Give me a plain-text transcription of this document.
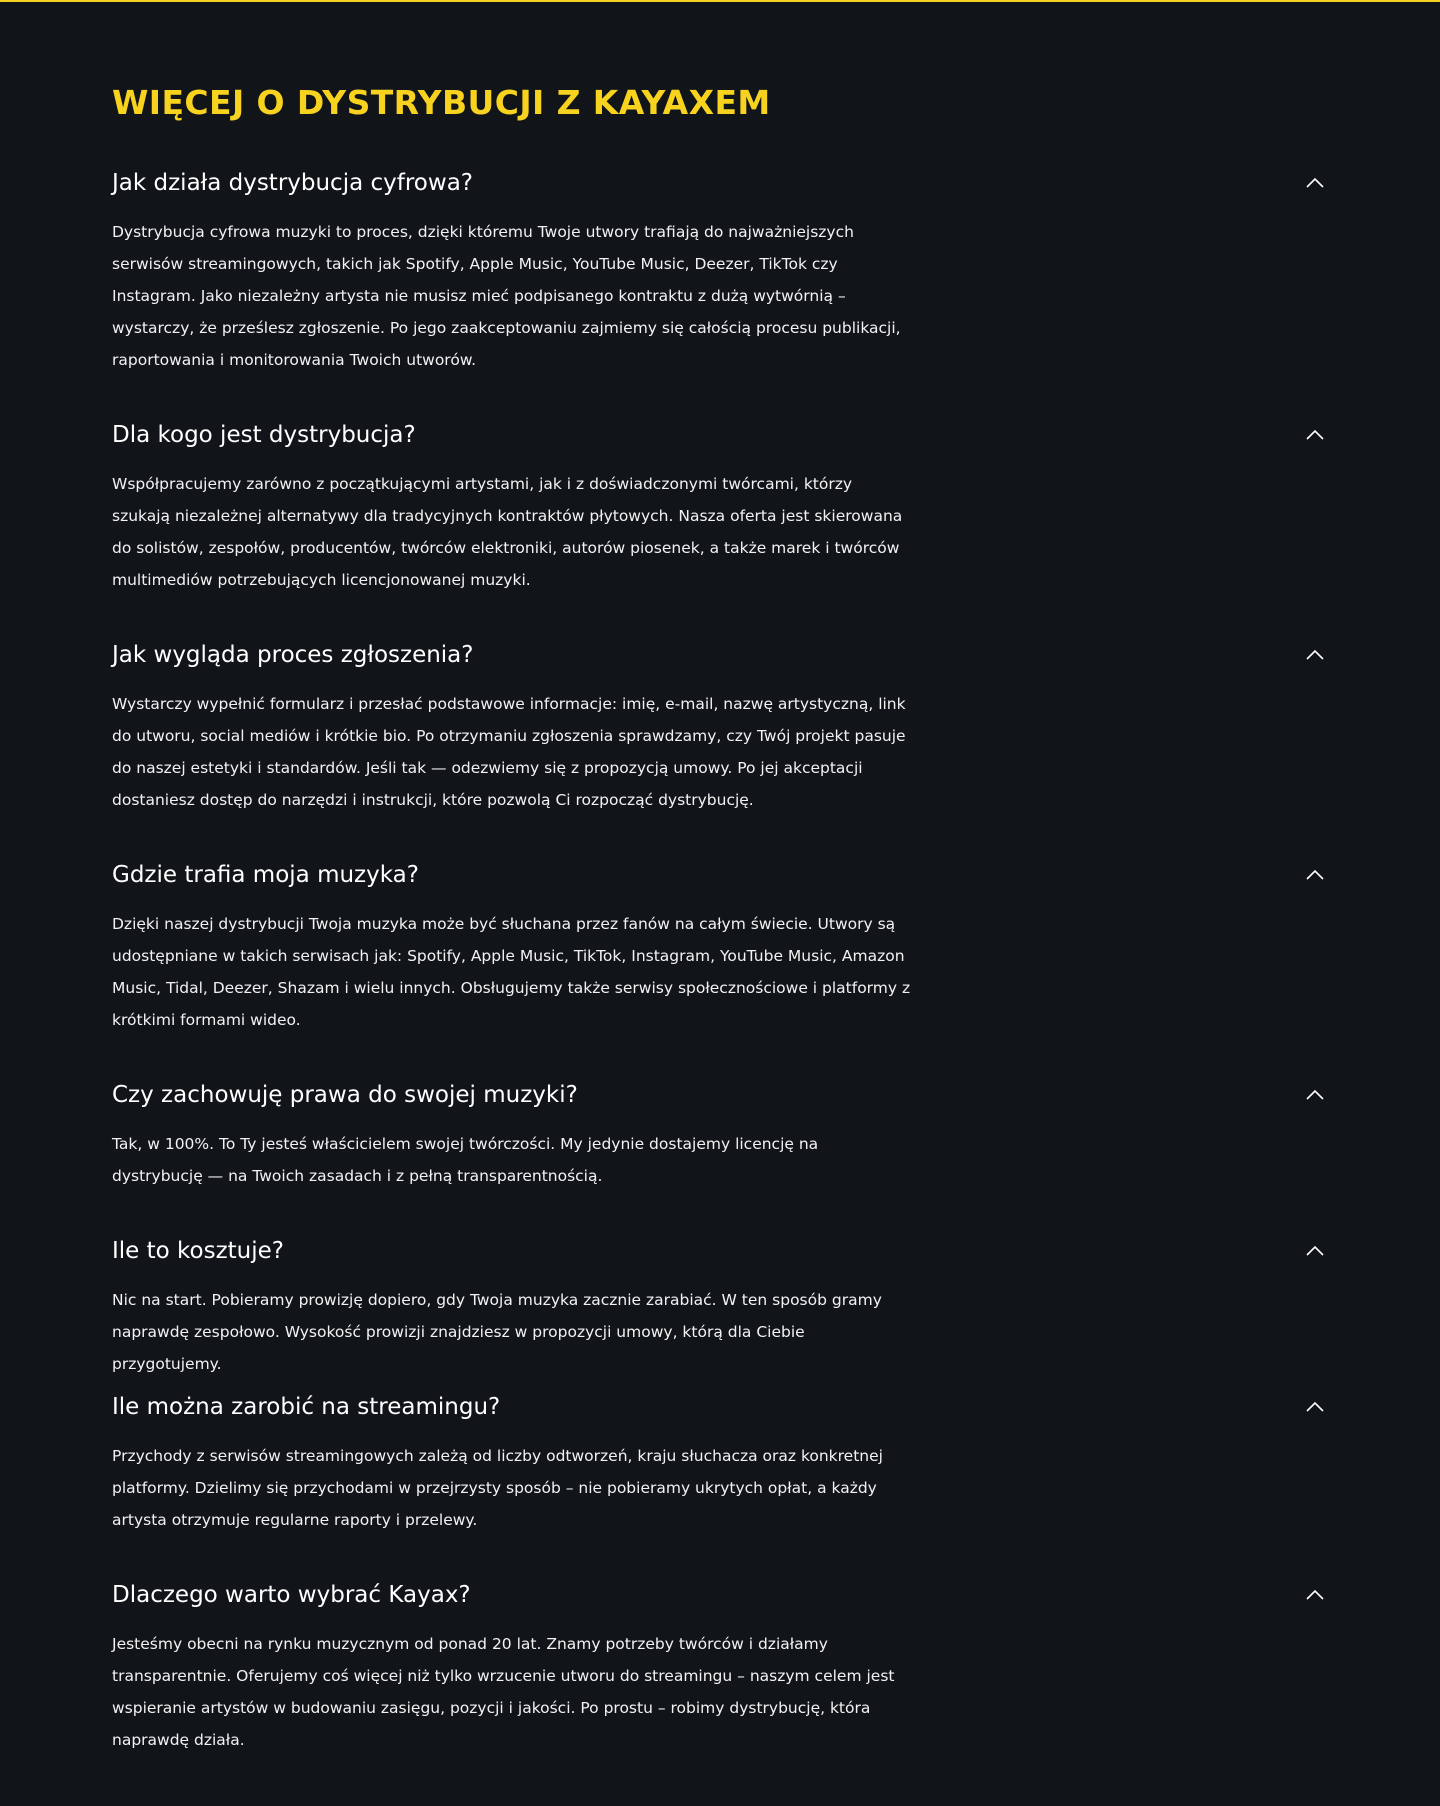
WIĘCEJ O DYSTRYBUCJI Z KAYAXEM
Jak działa dystrybucja cyfrowa?
Dystrybucja cyfrowa muzyki to proces, dzięki któremu Twoje utwory trafiają do najważniejszych serwisów streamingowych, takich jak Spotify, Apple Music, YouTube Music, Deezer, TikTok czy Instagram. Jako niezależny artysta nie musisz mieć podpisanego kontraktu z dużą wytwórnią – wystarczy, że prześlesz zgłoszenie. Po jego zaakceptowaniu zajmiemy się całością procesu publikacji, raportowania i monitorowania Twoich utworów.
Dla kogo jest dystrybucja?
Współpracujemy zarówno z początkującymi artystami, jak i z doświadczonymi twórcami, którzy szukają niezależnej alternatywy dla tradycyjnych kontraktów płytowych. Nasza oferta jest skierowana do solistów, zespołów, producentów, twórców elektroniki, autorów piosenek, a także marek i twórców multimediów potrzebujących licencjonowanej muzyki.
Jak wygląda proces zgłoszenia?
Wystarczy wypełnić formularz i przesłać podstawowe informacje: imię, e-mail, nazwę artystyczną, link do utworu, social mediów i krótkie bio. Po otrzymaniu zgłoszenia sprawdzamy, czy Twój projekt pasuje do naszej estetyki i standardów. Jeśli tak — odezwiemy się z propozycją umowy. Po jej akceptacji dostaniesz dostęp do narzędzi i instrukcji, które pozwolą Ci rozpocząć dystrybucję.
Gdzie trafia moja muzyka?
Dzięki naszej dystrybucji Twoja muzyka może być słuchana przez fanów na całym świecie. Utwory są udostępniane w takich serwisach jak: Spotify, Apple Music, TikTok, Instagram, YouTube Music, Amazon Music, Tidal, Deezer, Shazam i wielu innych. Obsługujemy także serwisy społecznościowe i platformy z krótkimi formami wideo.
Czy zachowuję prawa do swojej muzyki?
Tak, w 100%. To Ty jesteś właścicielem swojej twórczości. My jedynie dostajemy licencję na dystrybucję — na Twoich zasadach i z pełną transparentnością.
Ile to kosztuje?
Nic na start. Pobieramy prowizję dopiero, gdy Twoja muzyka zacznie zarabiać. W ten sposób gramy naprawdę zespołowo. Wysokość prowizji znajdziesz w propozycji umowy, którą dla Ciebie przygotujemy.
Ile można zarobić na streamingu?
Przychody z serwisów streamingowych zależą od liczby odtworzeń, kraju słuchacza oraz konkretnej platformy. Dzielimy się przychodami w przejrzysty sposób – nie pobieramy ukrytych opłat, a każdy artysta otrzymuje regularne raporty i przelewy.
Dlaczego warto wybrać Kayax?
Jesteśmy obecni na rynku muzycznym od ponad 20 lat. Znamy potrzeby twórców i działamy transparentnie. Oferujemy coś więcej niż tylko wrzucenie utworu do streamingu – naszym celem jest wspieranie artystów w budowaniu zasięgu, pozycji i jakości. Po prostu – robimy dystrybucję, która naprawdę działa.
